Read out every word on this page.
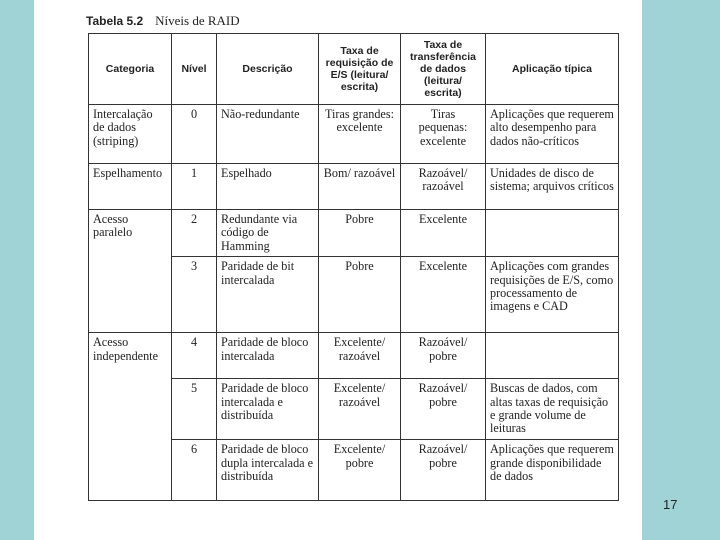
Tabela 5.2 Níveis de RAID
Categoria	Nível	Descrição	Taxa de requisição de E/S (leitura/ escrita)	Taxa de transferência de dados (leitura/ escrita)	Aplicação típica
Intercalação de dados (striping)	0	Não-redundante	Tiras grandes: excelente	Tiras pequenas: excelente	Aplicações que requerem alto desempenho para dados não-críticos
Espelhamento	1	Espelhado	Bom/ razoável	Razoável/ razoável	Unidades de disco de sistema; arquivos críticos
Acesso paralelo	2	Redundante via código de Hamming	Pobre	Excelente	
	3	Paridade de bit intercalada	Pobre	Excelente	Aplicações com grandes requisições de E/S, como processamento de imagens e CAD
Acesso independente	4	Paridade de bloco intercalada	Excelente/ razoável	Razoável/ pobre	
	5	Paridade de bloco intercalada e distribuída	Excelente/ razoável	Razoável/ pobre	Buscas de dados, com altas taxas de requisição e grande volume de leituras
	6	Paridade de bloco dupla intercalada e distribuída	Excelente/ pobre	Razoável/ pobre	Aplicações que requerem grande disponibilidade de dados
17
